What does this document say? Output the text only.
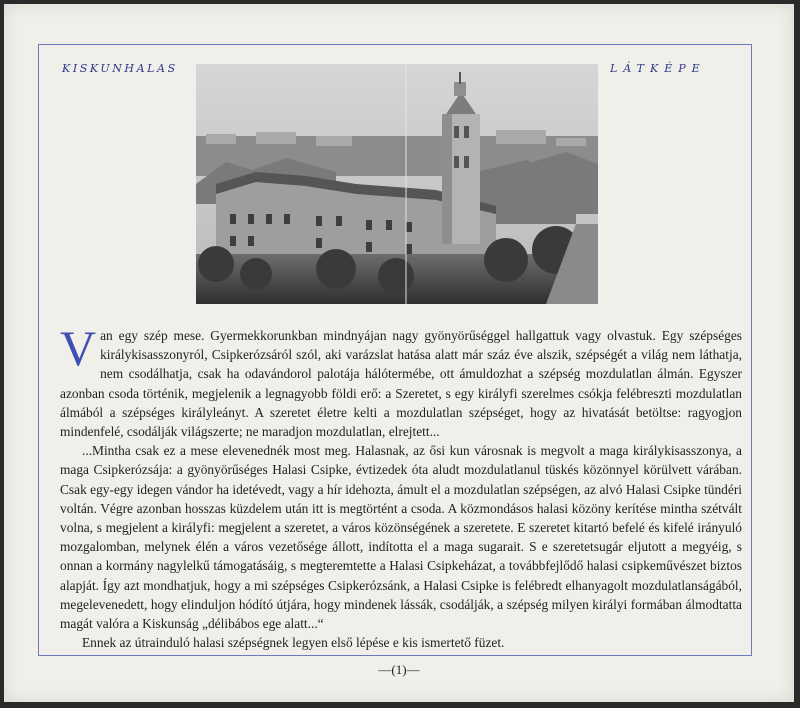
KISKUNHALAS	LÁTKÉPE

Van egy szép mese. Gyermekkorunkban mindnyájan nagy gyönyörűséggel hallgattuk vagy olvastuk. Egy szépséges királykisasszonyról, Csipkerózsáról szól, aki varázslat hatása alatt már száz éve alszik, szépségét a világ nem láthatja, nem csodálhatja, csak ha odavándorol palotája hálótermébe, ott ámuldozhat a szépség mozdulatlan álmán. Egyszer azonban csoda történik, megjelenik a legnagyobb földi erő: a Szeretet, s egy királyfi szerelmes csókja felébreszti mozdulatlan álmából a szépséges királyleányt. A szeretet életre kelti a mozdulatlan szépséget, hogy az hivatását betöltse: ragyogjon mindenfelé, csodálják világszerte; ne maradjon mozdulatlan, elrejtett...

...Mintha csak ez a mese elevenednék most meg. Halasnak, az ősi kun városnak is megvolt a maga királykisasszonya, a maga Csipkerózsája: a gyönyörűséges Halasi Csipke, évtizedek óta aludt mozdulatlanul tüskés közönnyel körülvett várában. Csak egy-egy idegen vándor ha idetévedt, vagy a hír idehozta, ámult el a mozdulatlan szépségen, az alvó Halasi Csipke tündéri voltán. Végre azonban hosszas küzdelem után itt is megtörtént a csoda. A közmondásos halasi közöny kerítése mintha szétvált volna, s megjelent a királyfi: megjelent a szeretet, a város közönségének a szeretete. E szeretet kitartó befelé és kifelé irányuló mozgalomban, melynek élén a város vezetősége állott, indította el a maga sugarait. S e szeretetsugár eljutott a megyéig, s onnan a kormány nagylelkű támogatásáig, s megteremtette a Halasi Csipkeházat, a továbbfejlődő halasi csipkeművészet biztos alapját. Így azt mondhatjuk, hogy a mi szépséges Csipkerózsánk, a Halasi Csipke is felébredt elhanyagolt mozdulatlanságából, megelevenedett, hogy elinduljon hódító útjára, hogy mindenek lássák, csodálják, a szépség milyen királyi formában álmodtatta magát valóra a Kiskunság „délibábos ege alatt...“

Ennek az útrainduló halasi szépségnek legyen első lépése e kis ismertető füzet.

—(1)—
